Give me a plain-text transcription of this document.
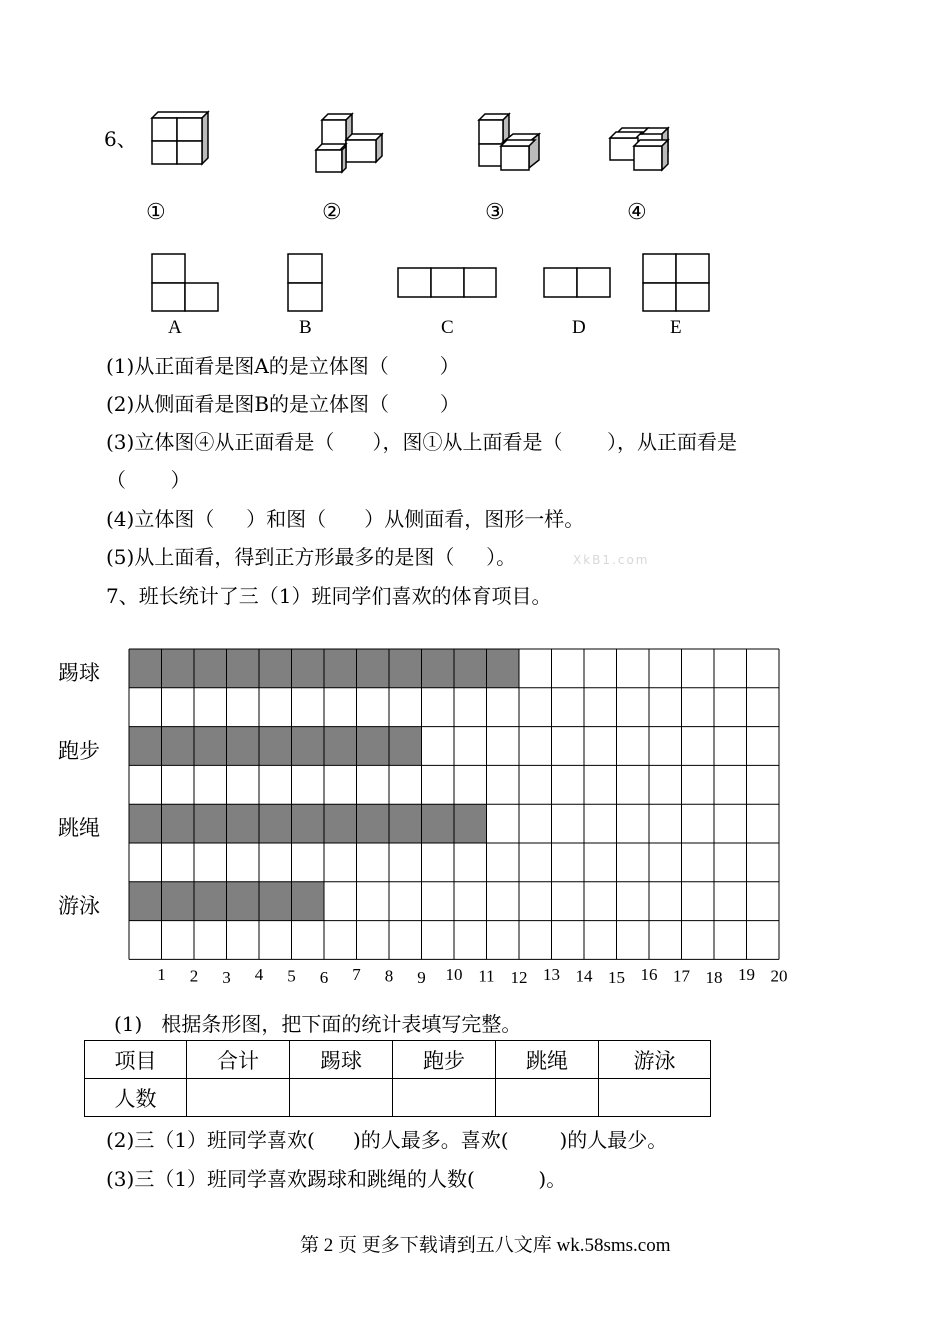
6、
①	②	③	④
A	B	C	D	E
(1)从正面看是图A的是立体图（        ）
(2)从侧面看是图B的是立体图（        ）
(3)立体图④从正面看是（      ），图①从上面看是（       ），从正面看是
（       ）
(4)立体图（     ）和图（      ）从侧面看，图形一样。
(5)从上面看，得到正方形最多的是图（     ）。	XkB1.com
7、班长统计了三（1）班同学们喜欢的体育项目。
踢球
跑步
跳绳
游泳
1 2 3 4 5 6 7 8 9 10 11 12 13 14 15 16 17 18 19 20
(1)   根据条形图，把下面的统计表填写完整。
项目	合计	踢球	跑步	跳绳	游泳
人数					
(2)三（1）班同学喜欢(      )的人最多。喜欢(        )的人最少。
(3)三（1）班同学喜欢踢球和跳绳的人数(          )。
第 2 页 更多下载请到五八文库 wk.58sms.com
